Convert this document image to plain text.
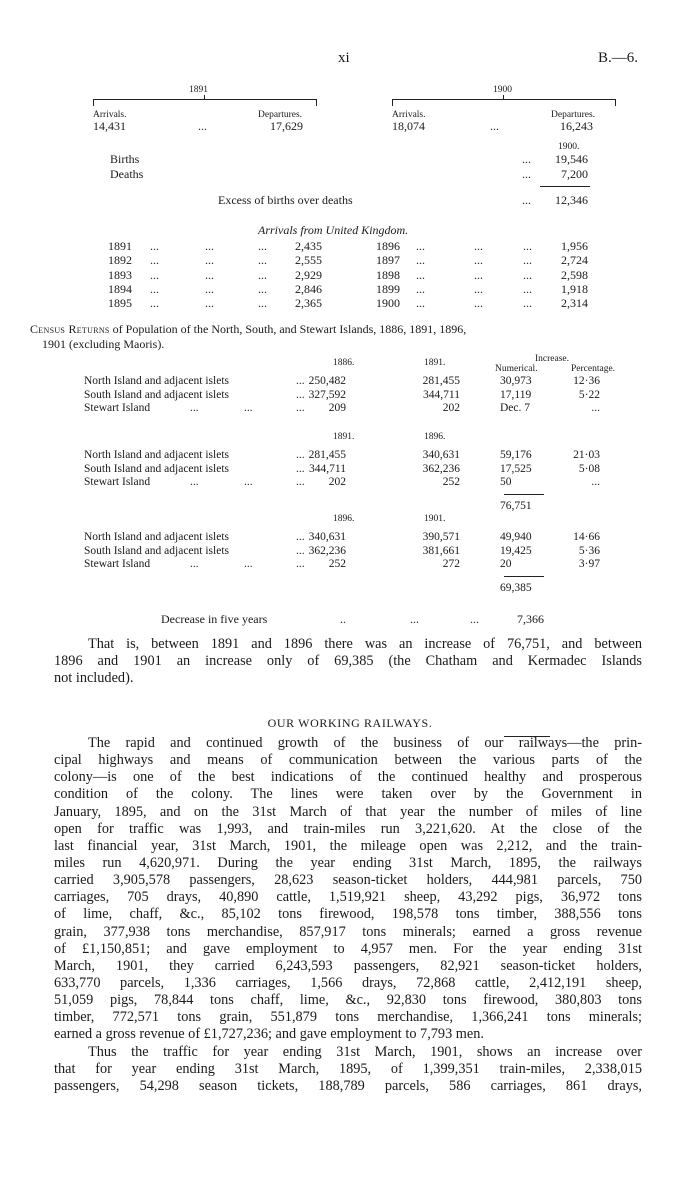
xi	B.—6.
1891	1900
Arrivals.	Departures.	Arrivals.	Departures.
14,431	...	17,629	18,074	...	16,243
1900.
Births	...	19,546
Deaths	...	7,200
Excess of births over deaths	...	12,346
Arrivals from United Kingdom.
1891 ...	...	...	2,435
1892 ...	...	...	2,555
1893 ...	...	...	2,929
1894 ...	...	...	2,846
1895 ...	...	...	2,365
1896 ...	...	...	1,956
1897 ...	...	...	2,724
1898 ...	...	...	2,598
1899 ...	...	...	1,918
1900 ...	...	...	2,314
Census Returns of Population of the North, South, and Stewart Islands, 1886, 1891, 1896,
1901 (excluding Maoris).
Increase.
Numerical.	Percentage.
1886.	1891.
North Island and adjacent islets	... 250,482	281,455	30,973	12·36
South Island and adjacent islets	... 327,592	344,711	17,119	5·22
Stewart Island	...	...	...	209	202	Dec. 7	...
1891.	1896.
North Island and adjacent islets	... 281,455	340,631	59,176	21·03
South Island and adjacent islets	... 344,711	362,236	17,525	5·08
Stewart Island	...	...	...	202	252	50	...
76,751
1896.	1901.
North Island and adjacent islets	... 340,631	390,571	49,940	14·66
South Island and adjacent islets	... 362,236	381,661	19,425	5·36
Stewart Island	...	...	...	252	272	20	3·97
69,385
Decrease in five years	..	...	...	7,366
That is, between 1891 and 1896 there was an increase of 76,751, and between
1896 and 1901 an increase only of 69,385 (the Chatham and Kermadec Islands
not included).
OUR WORKING RAILWAYS.
The rapid and continued growth of the business of our railways—the prin-
cipal highways and means of communication between the various parts of the
colony—is one of the best indications of the continued healthy and prosperous
condition of the colony. The lines were taken over by the Government in
January, 1895, and on the 31st March of that year the number of miles of line
open for traffic was 1,993, and train-miles run 3,221,620. At the close of the
last financial year, 31st March, 1901, the mileage open was 2,212, and the train-
miles run 4,620,971. During the year ending 31st March, 1895, the railways
carried 3,905,578 passengers, 28,623 season-ticket holders, 444,981 parcels, 750
carriages, 705 drays, 40,890 cattle, 1,519,921 sheep, 43,292 pigs, 36,972 tons
of lime, chaff, &c., 85,102 tons firewood, 198,578 tons timber, 388,556 tons
grain, 377,938 tons merchandise, 857,917 tons minerals; earned a gross revenue
of £1,150,851; and gave employment to 4,957 men. For the year ending 31st
March, 1901, they carried 6,243,593 passengers, 82,921 season-ticket holders,
633,770 parcels, 1,336 carriages, 1,566 drays, 72,868 cattle, 2,412,191 sheep,
51,059 pigs, 78,844 tons chaff, lime, &c., 92,830 tons firewood, 380,803 tons
timber, 772,571 tons grain, 551,879 tons merchandise, 1,366,241 tons minerals;
earned a gross revenue of £1,727,236; and gave employment to 7,793 men.
Thus the traffic for year ending 31st March, 1901, shows an increase over
that for year ending 31st March, 1895, of 1,399,351 train-miles, 2,338,015
passengers, 54,298 season tickets, 188,789 parcels, 586 carriages, 861 drays,
